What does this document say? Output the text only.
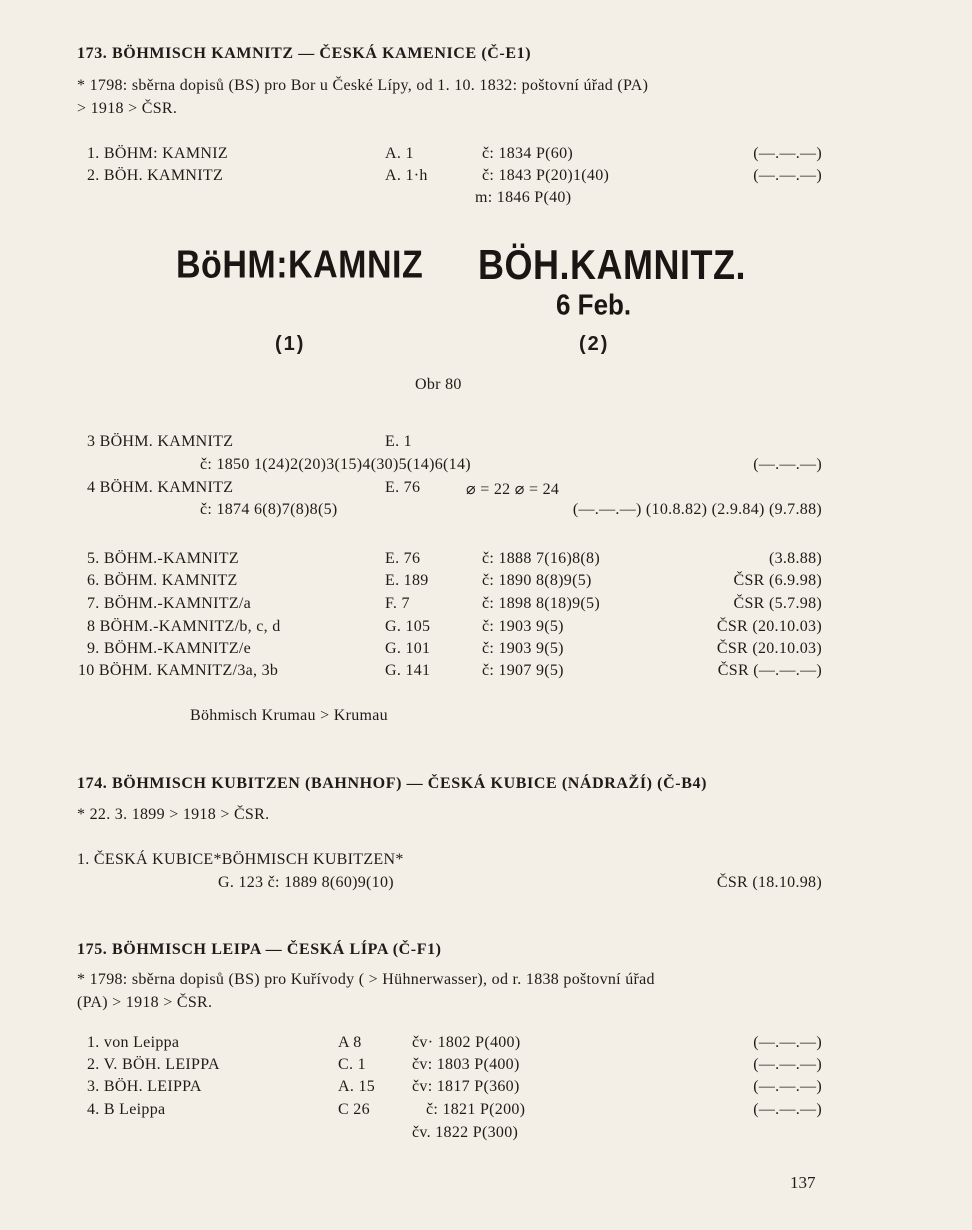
173. BÖHMISCH KAMNITZ — ČESKÁ KAMENICE (Č-E1)
* 1798: sběrna dopisů (BS) pro Bor u České Lípy, od 1. 10. 1832: poštovní úřad (PA)
> 1918 > ČSR.
1. BÖHM: KAMNIZ	A. 1	č: 1834 P(60)	(—.—.—)
2. BÖH. KAMNITZ	A. 1·h	č: 1843 P(20)1(40)	(—.—.—)
m: 1846 P(40)
BöHM:KAMNIZ
(1)
BÖH.KAMNITZ.
6 Feb.
(2)
Obr 80
3 BÖHM. KAMNITZ	E. 1
č: 1850 1(24)2(20)3(15)4(30)5(14)6(14)	(—.—.—)
4 BÖHM. KAMNITZ	E. 76	⌀ = 22 ⌀ = 24
č: 1874 6(8)7(8)8(5)	(—.—.—) (10.8.82) (2.9.84) (9.7.88)
5. BÖHM.-KAMNITZ	E. 76	č: 1888 7(16)8(8)	(3.8.88)
6. BÖHM. KAMNITZ	E. 189	č: 1890 8(8)9(5)	ČSR (6.9.98)
7. BÖHM.-KAMNITZ/a	F. 7	č: 1898 8(18)9(5)	ČSR (5.7.98)
8 BÖHM.-KAMNITZ/b, c, d	G. 105	č: 1903 9(5)	ČSR (20.10.03)
9. BÖHM.-KAMNITZ/e	G. 101	č: 1903 9(5)	ČSR (20.10.03)
10 BÖHM. KAMNITZ/3a, 3b	G. 141	č: 1907 9(5)	ČSR (—.—.—)
Böhmisch Krumau > Krumau
174. BÖHMISCH KUBITZEN (BAHNHOF) — ČESKÁ KUBICE (NÁDRAŽÍ) (Č-B4)
* 22. 3. 1899 > 1918 > ČSR.
1. ČESKÁ KUBICE*BÖHMISCH KUBITZEN*
G. 123 č: 1889 8(60)9(10)	ČSR (18.10.98)
175. BÖHMISCH LEIPA — ČESKÁ LÍPA (Č-F1)
* 1798: sběrna dopisů (BS) pro Kuřívody ( > Hühnerwasser), od r. 1838 poštovní úřad
(PA) > 1918 > ČSR.
1. von Leippa	A 8	čv· 1802 P(400)	(—.—.—)
2. V. BÖH. LEIPPA	C. 1	čv: 1803 P(400)	(—.—.—)
3. BÖH. LEIPPA	A. 15 čv: 1817 P(360)	(—.—.—)
4. B Leippa	C 26	č: 1821 P(200)	(—.—.—)
čv. 1822 P(300)
137
